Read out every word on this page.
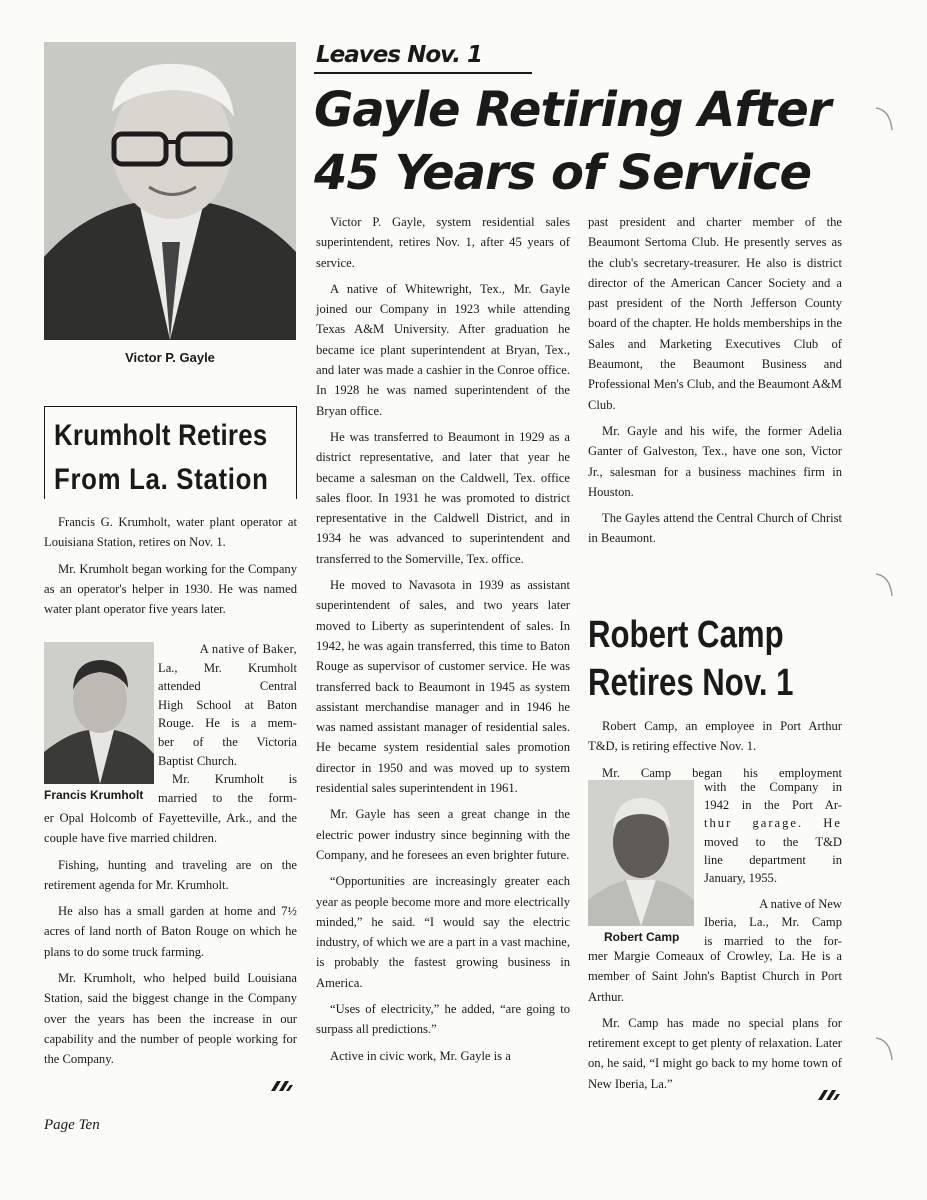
Victor P. Gayle
Leaves Nov. 1
Gayle Retiring After
45 Years of Service

Victor P. Gayle, system residential sales superintendent, retires Nov. 1, after 45 years of service.

A native of Whitewright, Tex., Mr. Gayle joined our Company in 1923 while attending Texas A&M University. After graduation he became ice plant superintendent at Bryan, Tex., and later was made a cashier in the Conroe office. In 1928 he was named superintendent of the Bryan office.

He was transferred to Beaumont in 1929 as a district representative, and later that year he became a salesman on the Caldwell, Tex. office sales floor. In 1931 he was promoted to district representative in the Caldwell District, and in 1934 he was advanced to superintendent and transferred to the Somerville, Tex. office.

He moved to Navasota in 1939 as assistant superintendent of sales, and two years later moved to Liberty as superintendent of sales. In 1942, he was again transferred, this time to Baton Rouge as supervisor of customer service. He was transferred back to Beaumont in 1945 as system assistant merchandise manager and in 1946 he was named assistant manager of residential sales. He became system residential sales promotion director in 1950 and was moved up to system residential sales superintendent in 1961.

Mr. Gayle has seen a great change in the electric power industry since beginning with the Company, and he foresees an even brighter future.

“Opportunities are increasingly greater each year as people become more and more electrically minded,” he said. “I would say the electric industry, of which we are a part in a vast machine, is probably the fastest growing business in America.

“Uses of electricity,” he added, “are going to surpass all predictions.”

Active in civic work, Mr. Gayle is a

past president and charter member of the Beaumont Sertoma Club. He presently serves as the club's secretary-treasurer. He also is district director of the American Cancer Society and a past president of the North Jefferson County board of the chapter. He holds memberships in the Sales and Marketing Executives Club of Beaumont, the Beaumont Business and Professional Men's Club, and the Beaumont A&M Club.

Mr. Gayle and his wife, the former Adelia Ganter of Galveston, Tex., have one son, Victor Jr., salesman for a business machines firm in Houston.

The Gayles attend the Central Church of Christ in Beaumont.

Krumholt Retires
From La. Station

Francis G. Krumholt, water plant operator at Louisiana Station, retires on Nov. 1.

Mr. Krumholt began working for the Company as an operator's helper in 1930. He was named water plant operator five years later.

Francis Krumholt
A native of Baker,
La., Mr. Krumholt
attended Central
High School at Baton
Rouge. He is a mem-
ber of the Victoria
Baptist Church.
Mr. Krumholt is
married to the form-

er Opal Holcomb of Fayetteville, Ark., and the couple have five married children.

Fishing, hunting and traveling are on the retirement agenda for Mr. Krumholt.

He also has a small garden at home and 7½ acres of land north of Baton Rouge on which he plans to do some truck farming.

Mr. Krumholt, who helped build Louisiana Station, said the biggest change in the Company over the years has been the increase in our capability and the number of people working for the Company.

Robert Camp
Retires Nov. 1

Robert Camp, an employee in Port Arthur T&D, is retiring effective Nov. 1.

Mr. Camp began his employment

Robert Camp
with the Company in
1942 in the Port Ar-
thur garage. He
moved to the T&D
line department in
January, 1955.
A native of New
Iberia, La., Mr. Camp
is married to the for-

mer Margie Comeaux of Crowley, La. He is a member of Saint John's Baptist Church in Port Arthur.

Mr. Camp has made no special plans for retirement except to get plenty of relaxation. Later on, he said, “I might go back to my home town of New Iberia, La.”

Page Ten
